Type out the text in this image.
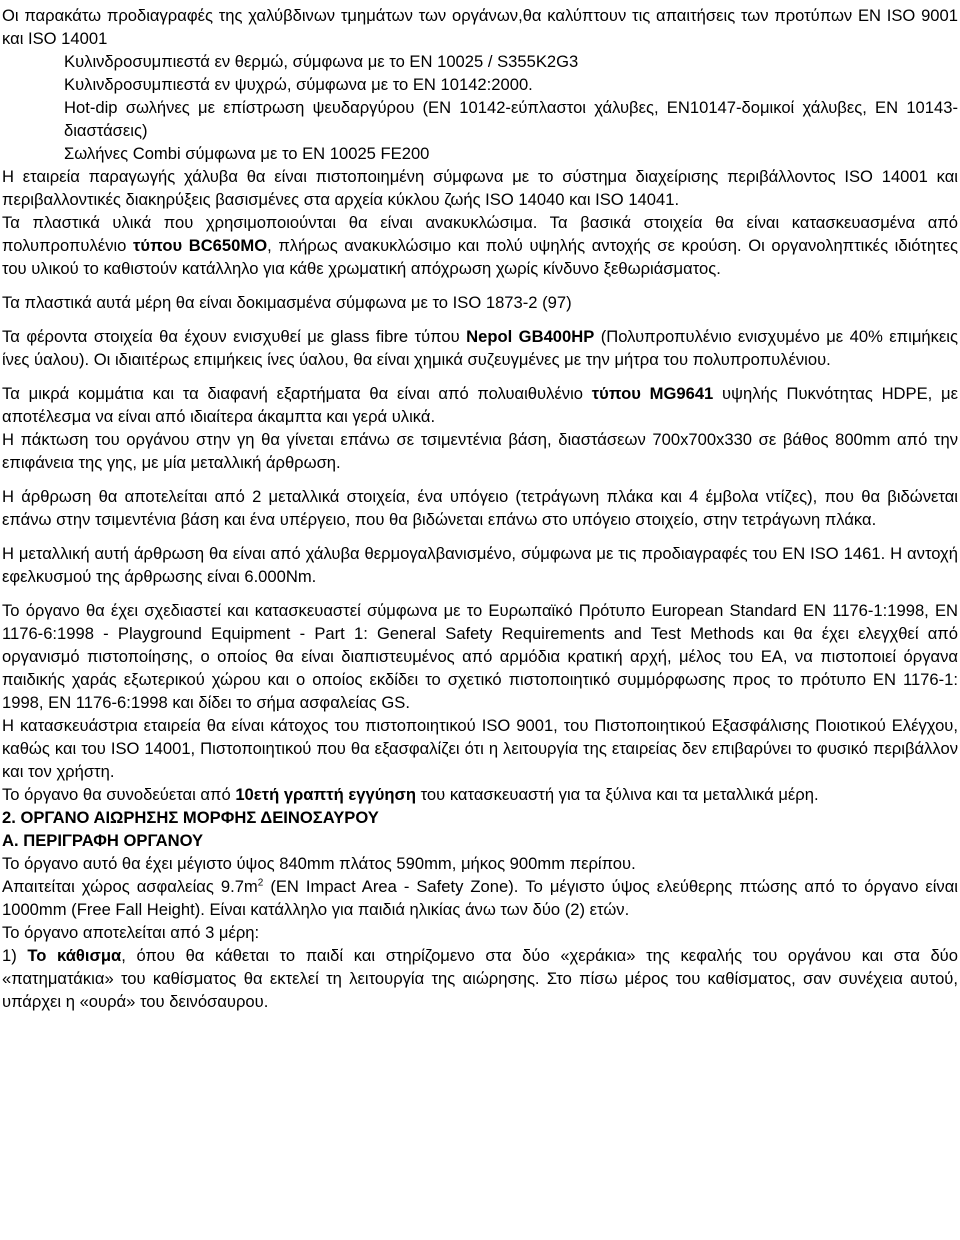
Οι παρακάτω προδιαγραφές της χαλύβδινων τμημάτων των οργάνων,θα καλύπτουν τις απαιτήσεις των προτύπων EN ISO 9001 και ISO 14001

Κυλινδροσυμπιεστά εν θερμώ, σύμφωνα με το EN 10025 / S355K2G3

Κυλινδροσυμπιεστά εν ψυχρώ, σύμφωνα με το EN 10142:2000.

Hot-dip σωλήνες με επίστρωση ψευδαργύρου (EN 10142-εύπλαστοι χάλυβες, EN10147-δομικοί χάλυβες, EN 10143-διαστάσεις)

Σωλήνες Combi σύμφωνα με το EN 10025 FE200

Η εταιρεία παραγωγής χάλυβα θα είναι πιστοποιημένη σύμφωνα με το σύστημα διαχείρισης περιβάλλοντος ISO 14001 και περιβαλλοντικές διακηρύξεις βασισμένες στα αρχεία κύκλου ζωής ISO 14040 και ISO 14041.

Τα πλαστικά υλικά που χρησιμοποιούνται θα είναι ανακυκλώσιμα. Τα βασικά στοιχεία θα είναι κατασκευασμένα από πολυπροπυλένιο τύπου BC650MO, πλήρως ανακυκλώσιμο και πολύ υψηλής αντοχής σε κρούση. Οι οργανοληπτικές ιδιότητες του υλικού το καθιστούν κατάλληλο για κάθε χρωματική απόχρωση χωρίς κίνδυνο ξεθωριάσματος.

Τα πλαστικά αυτά μέρη θα είναι δοκιμασμένα σύμφωνα με το ISO 1873-2 (97)

Τα φέροντα στοιχεία θα έχουν ενισχυθεί με glass fibre τύπου Nepol GB400HP (Πολυπροπυλένιο ενισχυμένο με 40% επιμήκεις ίνες ύαλου). Οι ιδιαιτέρως επιμήκεις ίνες ύαλου, θα είναι χημικά συζευγμένες με την μήτρα του πολυπροπυλένιου.

Τα μικρά κομμάτια και τα διαφανή εξαρτήματα θα είναι από πολυαιθυλένιο τύπου MG9641 υψηλής Πυκνότητας HDPE, με αποτέλεσμα να είναι από ιδιαίτερα άκαμπτα και γερά υλικά.

Η πάκτωση του οργάνου στην γη θα γίνεται επάνω σε τσιμεντένια βάση, διαστάσεων 700x700x330 σε βάθος 800mm από την επιφάνεια της γης, με μία μεταλλική άρθρωση.

Η άρθρωση θα αποτελείται από 2 μεταλλικά στοιχεία, ένα υπόγειο (τετράγωνη πλάκα και 4 έμβολα ντίζες), που θα βιδώνεται επάνω στην τσιμεντένια βάση και ένα υπέργειο, που θα βιδώνεται επάνω στο υπόγειο στοιχείο, στην τετράγωνη πλάκα.

Η μεταλλική αυτή άρθρωση θα είναι από χάλυβα θερμογαλβανισμένο, σύμφωνα με τις προδιαγραφές του EN ISO 1461. Η αντοχή εφελκυσμού της άρθρωσης είναι 6.000Nm.

Το όργανο θα έχει σχεδιαστεί και κατασκευαστεί σύμφωνα με το Ευρωπαϊκό Πρότυπο European Standard EN 1176-1:1998, EN 1176-6:1998 - Playground Equipment - Part 1: General Safety Requirements and Test Methods και θα έχει ελεγχθεί από οργανισμό πιστοποίησης, ο οποίος θα είναι διαπιστευμένος από αρμόδια κρατική αρχή, μέλος του ΕΑ, να πιστοποιεί όργανα παιδικής χαράς εξωτερικού χώρου και ο οποίος εκδίδει το σχετικό πιστοποιητικό συμμόρφωσης προς το πρότυπο EN 1176-1: 1998, EN 1176-6:1998 και δίδει το σήμα ασφαλείας GS.

Η κατασκευάστρια εταιρεία θα είναι κάτοχος του πιστοποιητικού ISO 9001, του Πιστοποιητικού Εξασφάλισης Ποιοτικού Ελέγχου, καθώς και του ISO 14001, Πιστοποιητικού που θα εξασφαλίζει ότι η λειτουργία της εταιρείας δεν επιβαρύνει το φυσικό περιβάλλον και τον χρήστη.

Το όργανο θα συνοδεύεται από 10ετή γραπτή εγγύηση του κατασκευαστή για τα ξύλινα και τα μεταλλικά μέρη.

2. ΟΡΓΑΝΟ ΑΙΩΡΗΣΗΣ ΜΟΡΦΗΣ ΔΕΙΝΟΣΑΥΡΟΥ

Α. ΠΕΡΙΓΡΑΦΗ ΟΡΓΑΝΟΥ

Το όργανο αυτό θα έχει μέγιστο ύψος 840mm πλάτος 590mm, μήκος 900mm περίπου.

Απαιτείται χώρος ασφαλείας $9.7m^2$ (EN Impact Area - Safety Zone). Το μέγιστο ύψος ελεύθερης πτώσης από το όργανο είναι 1000mm (Free Fall Height). Είναι κατάλληλο για παιδιά ηλικίας άνω των δύο (2) ετών.

Το όργανο αποτελείται από 3 μέρη:

1) Το κάθισμα, όπου θα κάθεται το παιδί και στηρίζομενο στα δύο «χεράκια» της κεφαλής του οργάνου και στα δύο «πατηματάκια» του καθίσματος θα εκτελεί τη λειτουργία της αιώρησης. Στο πίσω μέρος του καθίσματος, σαν συνέχεια αυτού, υπάρχει η «ουρά» του δεινόσαυρου.
